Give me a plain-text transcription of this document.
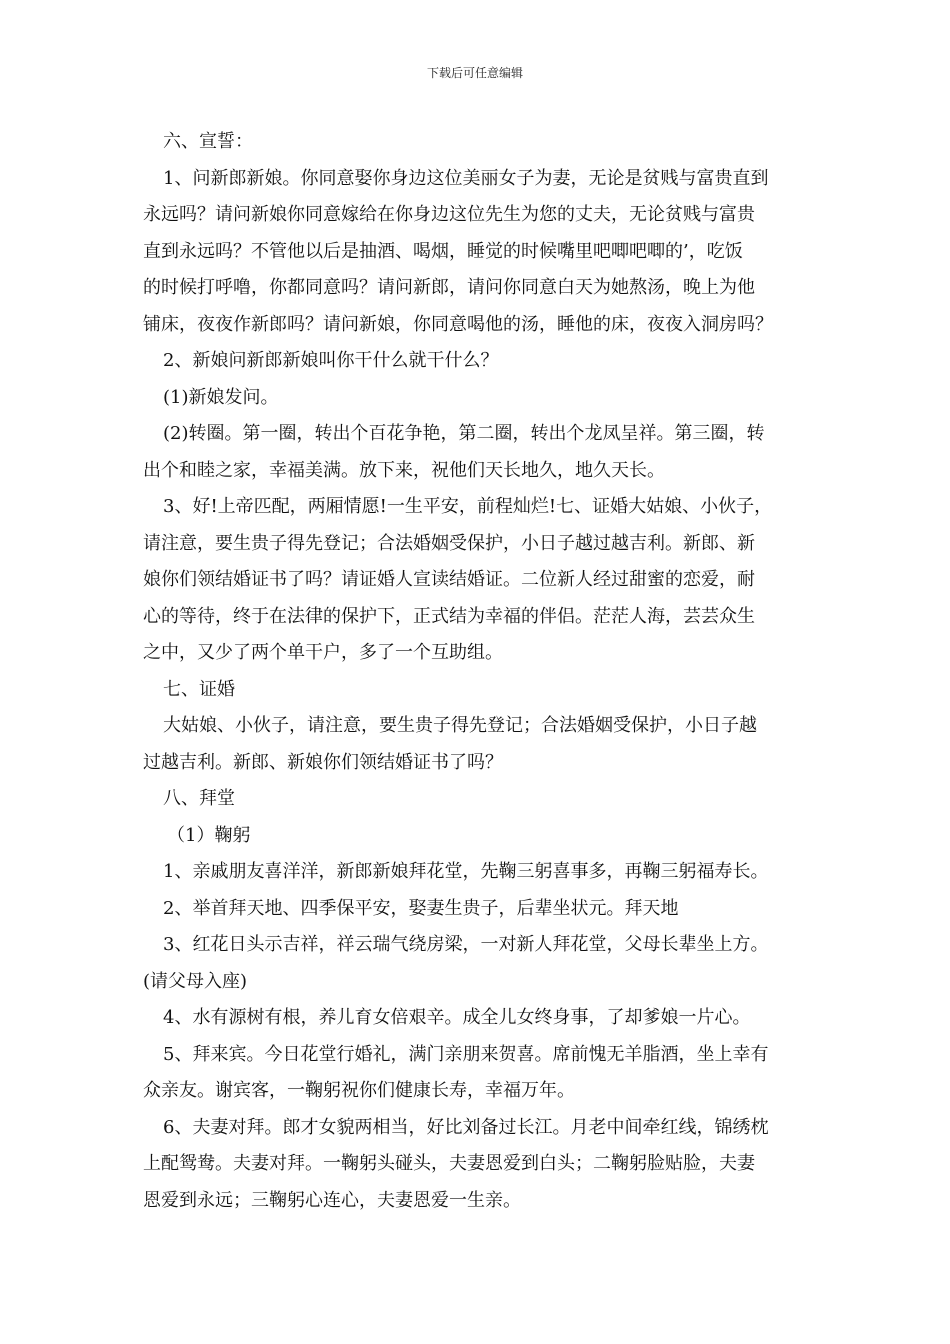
下载后可任意编辑

六、宣誓：

1、问新郎新娘。你同意娶你身边这位美丽女子为妻，无论是贫贱与富贵直到

永远吗？请问新娘你同意嫁给在你身边这位先生为您的丈夫，无论贫贱与富贵

直到永远吗？不管他以后是抽酒、喝烟，睡觉的时候嘴里吧唧吧唧的’，吃饭

的时候打呼噜，你都同意吗？请问新郎，请问你同意白天为她熬汤，晚上为他

铺床，夜夜作新郎吗？请问新娘，你同意喝他的汤，睡他的床，夜夜入洞房吗？

2、新娘问新郎新娘叫你干什么就干什么？

(1)新娘发问。

(2)转圈。第一圈，转出个百花争艳，第二圈，转出个龙凤呈祥。第三圈，转

出个和睦之家，幸福美满。放下来，祝他们天长地久，地久天长。

3、好!上帝匹配，两厢情愿!一生平安，前程灿烂!七、证婚大姑娘、小伙子，

请注意，要生贵子得先登记；合法婚姻受保护，小日子越过越吉利。新郎、新

娘你们领结婚证书了吗？请证婚人宣读结婚证。二位新人经过甜蜜的恋爱，耐

心的等待，终于在法律的保护下，正式结为幸福的伴侣。茫茫人海，芸芸众生

之中，又少了两个单干户，多了一个互助组。

七、证婚

大姑娘、小伙子，请注意，要生贵子得先登记；合法婚姻受保护，小日子越

过越吉利。新郎、新娘你们领结婚证书了吗？

八、拜堂

（1）鞠躬

1、亲戚朋友喜洋洋，新郎新娘拜花堂，先鞠三躬喜事多，再鞠三躬福寿长。

2、举首拜天地、四季保平安，娶妻生贵子，后辈坐状元。拜天地

3、红花日头示吉祥，祥云瑞气绕房梁，一对新人拜花堂，父母长辈坐上方。

(请父母入座)

4、水有源树有根，养儿育女倍艰辛。成全儿女终身事，了却爹娘一片心。

5、拜来宾。今日花堂行婚礼，满门亲朋来贺喜。席前愧无羊脂酒，坐上幸有

众亲友。谢宾客，一鞠躬祝你们健康长寿，幸福万年。

6、夫妻对拜。郎才女貌两相当，好比刘备过长江。月老中间牵红线，锦绣枕

上配鸳鸯。夫妻对拜。一鞠躬头碰头，夫妻恩爱到白头；二鞠躬脸贴脸，夫妻

恩爱到永远；三鞠躬心连心，夫妻恩爱一生亲。
